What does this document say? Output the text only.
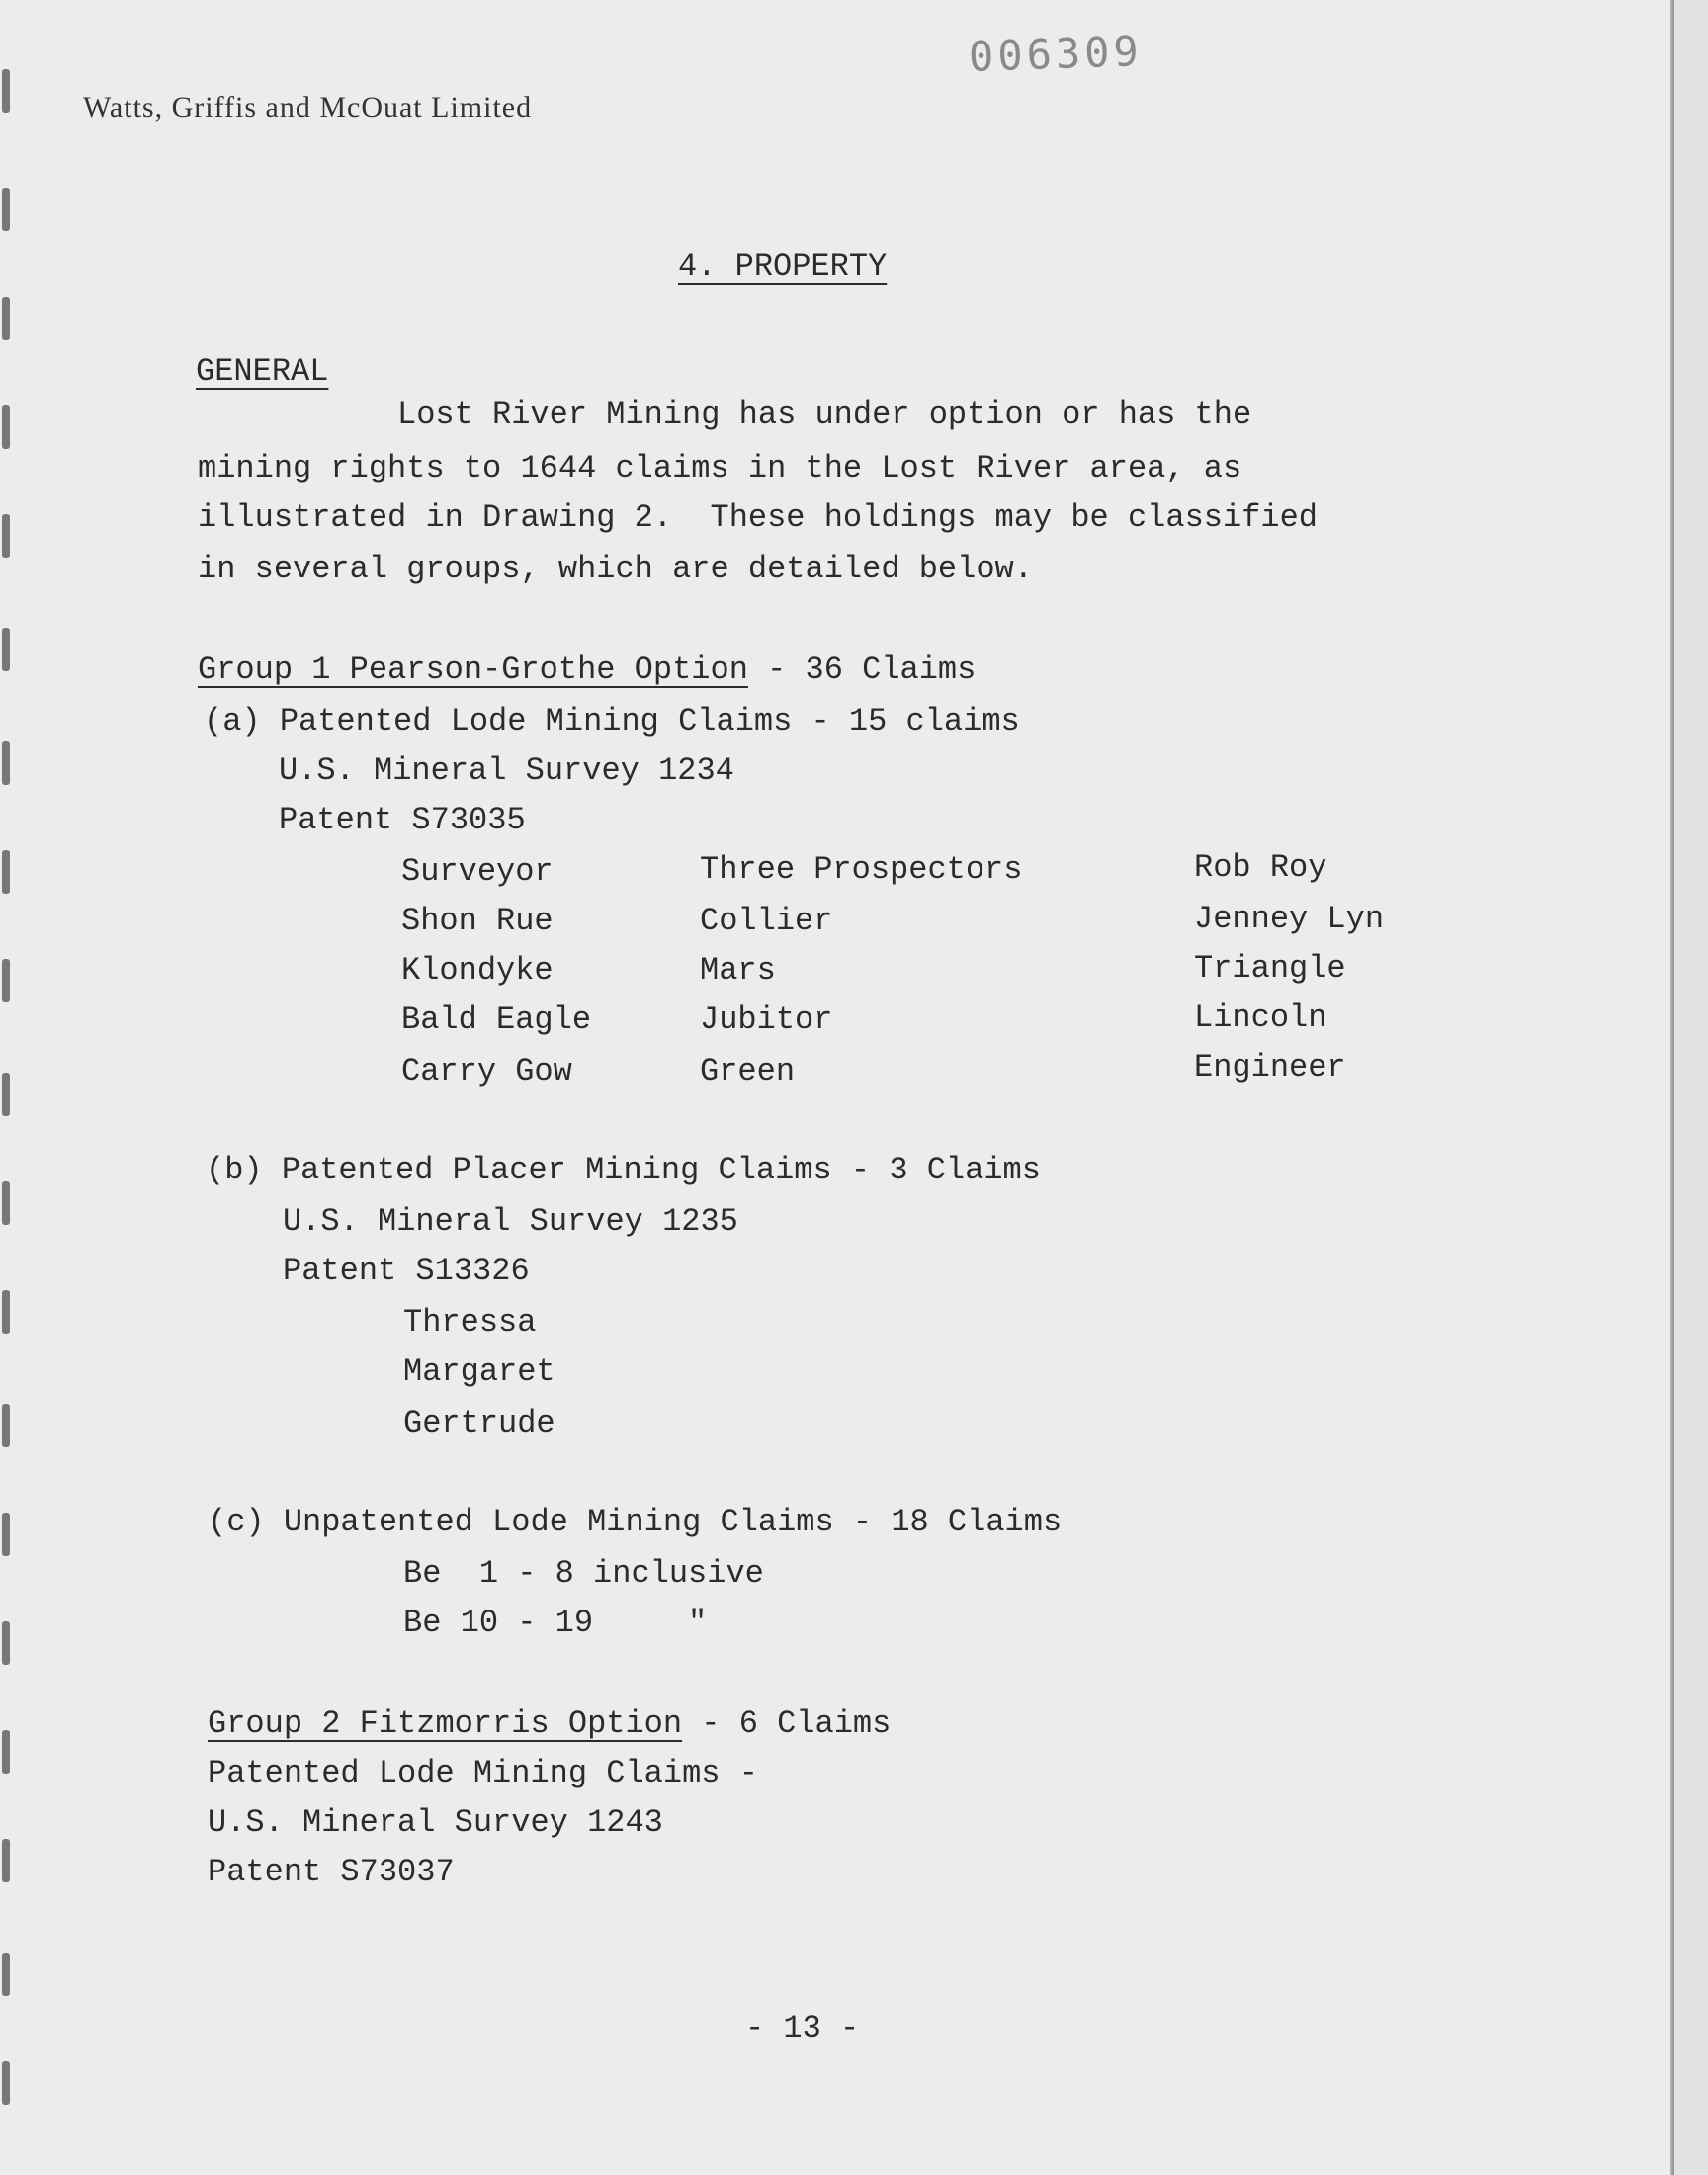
006309
Watts, Griffis and McOuat Limited
4. PROPERTY
GENERAL
Lost River Mining has under option or has the
mining rights to 1644 claims in the Lost River area, as
illustrated in Drawing 2.  These holdings may be classified
in several groups, which are detailed below.
Group 1 Pearson-Grothe Option - 36 Claims
(a) Patented Lode Mining Claims - 15 claims
U.S. Mineral Survey 1234
Patent S73035
Surveyor
Shon Rue
Klondyke
Bald Eagle
Carry Gow
Three Prospectors
Collier
Mars
Jubitor
Green
Rob Roy
Jenney Lyn
Triangle
Lincoln
Engineer
(b) Patented Placer Mining Claims - 3 Claims
U.S. Mineral Survey 1235
Patent S13326
Thressa
Margaret
Gertrude
(c) Unpatented Lode Mining Claims - 18 Claims
Be  1 - 8 inclusive
Be 10 - 19     "
Group 2 Fitzmorris Option - 6 Claims
Patented Lode Mining Claims -
U.S. Mineral Survey 1243
Patent S73037
- 13 -
